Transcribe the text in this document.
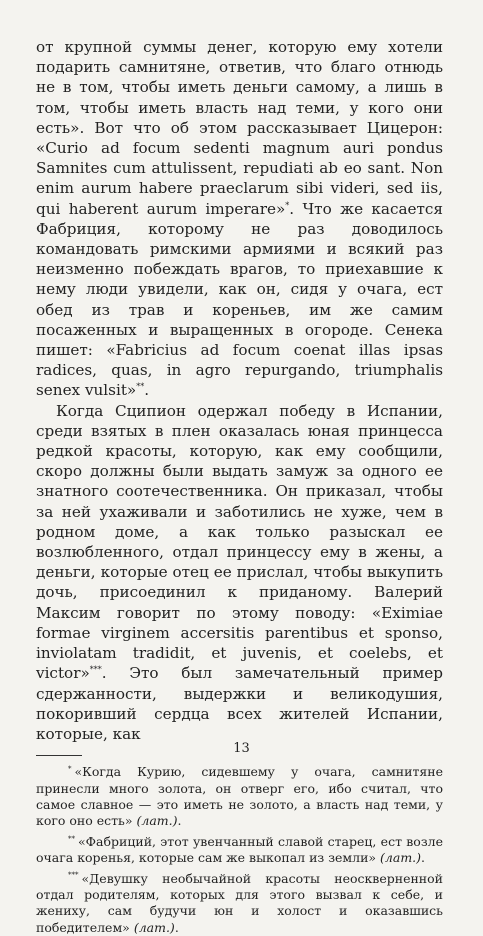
от крупной суммы денег, которую ему хотели подарить самнитяне, ответив, что благо отнюдь не в том, чтобы иметь деньги самому, а лишь в том, чтобы иметь власть над теми, у кого они есть». Вот что об этом рассказывает Цицерон: «Curio ad focum sedenti magnum auri pondus Samnites cum attulissent, repudiati ab eo sant. Non enim aurum habere praeclarum sibi videri, sed iis, qui haberent aurum imperare»*. Что же касается Фабриция, которому не раз доводилось командовать римскими армиями и всякий раз неизменно побеждать врагов, то приехавшие к нему люди увидели, как он, сидя у очага, ест обед из трав и кореньев, им же самим посаженных и выращенных в огороде. Сенека пишет: «Fabricius ad focum coenat illas ipsas radices, quas, in agro repurgando, triumphalis senex vulsit»**.

Когда Сципион одержал победу в Испании, среди взятых в плен оказалась юная принцесса редкой красоты, которую, как ему сообщили, скоро должны были выдать замуж за одного ее знатного соотечественника. Он приказал, чтобы за ней ухаживали и заботились не хуже, чем в родном доме, а как только разыскал ее возлюбленного, отдал принцессу ему в жены, а деньги, которые отец ее прислал, чтобы выкупить дочь, присоединил к приданому. Валерий Максим говорит по этому поводу: «Eximiae formae virginem accersitis parentibus et sponso, inviolatam tradidit, et juvenis, et coelebs, et victor»***. Это был замечательный пример сдержанности, выдержки и великодушия, покоривший сердца всех жителей Испании, которые, как

* «Когда Курию, сидевшему у очага, самнитяне принесли много золота, он отверг его, ибо считал, что самое славное — это иметь не золото, а власть над теми, у кого оно есть» (лат.).

** «Фабриций, этот увенчанный славой старец, ест возле очага коренья, которые сам же выкопал из земли» (лат.).

*** «Девушку необычайной красоты неоскверненной отдал родителям, которых для этого вызвал к себе, и жениху, сам будучи юн и холост и оказавшись победителем» (лат.).

13
